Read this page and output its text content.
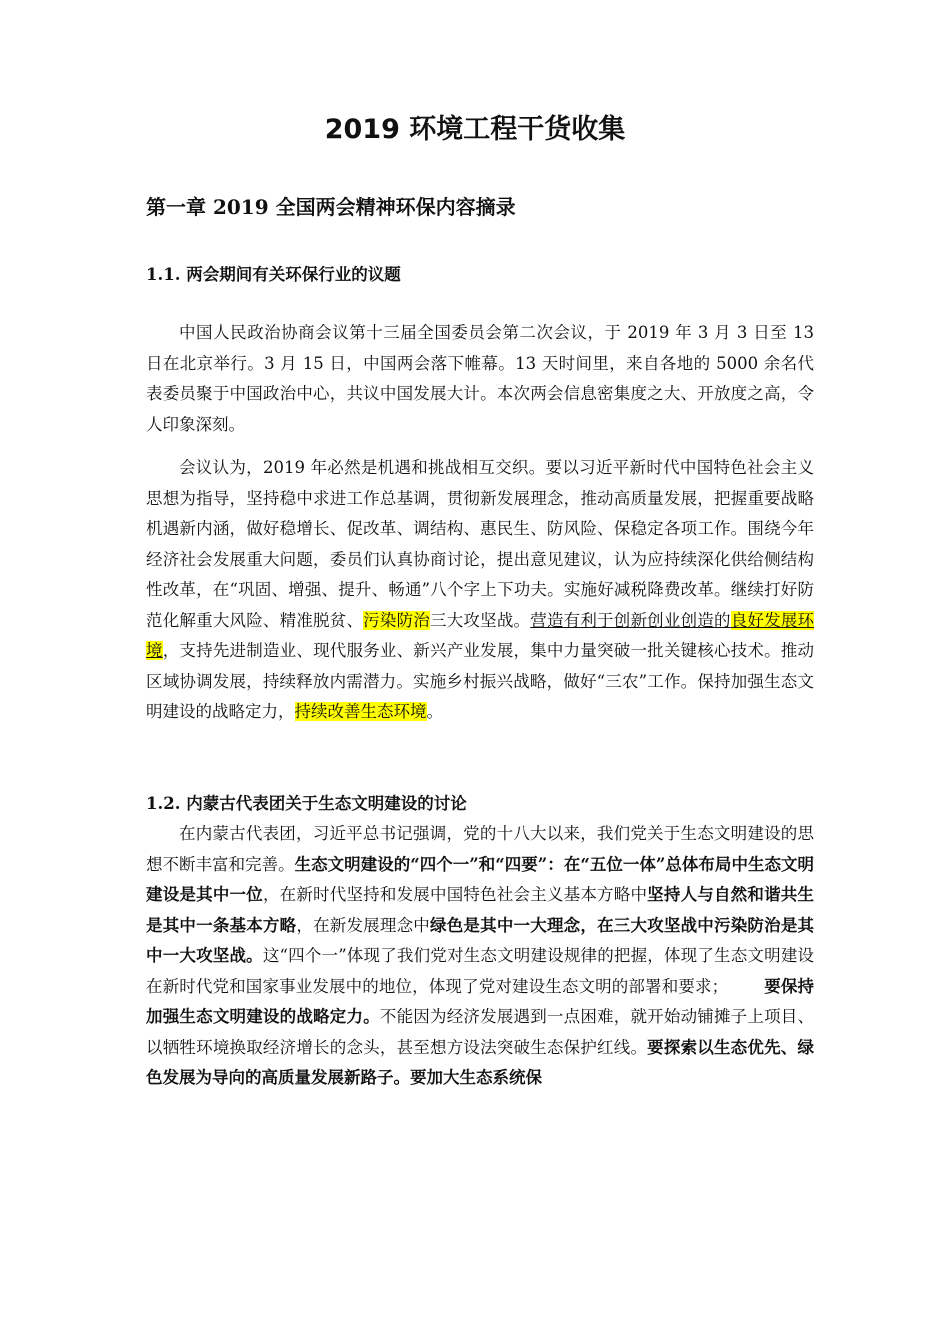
2019 环境工程干货收集
第一章 2019 全国两会精神环保内容摘录
1.1. 两会期间有关环保行业的议题

中国人民政治协商会议第十三届全国委员会第二次会议，于 2019 年 3 月 3 日至 13 日在北京举行。3 月 15 日，中国两会落下帷幕。13 天时间里，来自各地的 5000 余名代表委员聚于中国政治中心，共议中国发展大计。本次两会信息密集度之大、开放度之高，令人印象深刻。

会议认为，2019 年必然是机遇和挑战相互交织。要以习近平新时代中国特色社会主义思想为指导，坚持稳中求进工作总基调，贯彻新发展理念，推动高质量发展，把握重要战略机遇新内涵，做好稳增长、促改革、调结构、惠民生、防风险、保稳定各项工作。围绕今年经济社会发展重大问题，委员们认真协商讨论，提出意见建议，认为应持续深化供给侧结构性改革，在“巩固、增强、提升、畅通”八个字上下功夫。实施好减税降费改革。继续打好防范化解重大风险、精准脱贫、污染防治三大攻坚战。营造有利于创新创业创造的良好发展环境，支持先进制造业、现代服务业、新兴产业发展，集中力量突破一批关键核心技术。推动区域协调发展，持续释放内需潜力。实施乡村振兴战略，做好“三农”工作。保持加强生态文明建设的战略定力，持续改善生态环境。

1.2. 内蒙古代表团关于生态文明建设的讨论

在内蒙古代表团，习近平总书记强调，党的十八大以来，我们党关于生态文明建设的思想不断丰富和完善。生态文明建设的“四个一”和“四要”：在“五位一体”总体布局中生态文明建设是其中一位，在新时代坚持和发展中国特色社会主义基本方略中坚持人与自然和谐共生是其中一条基本方略，在新发展理念中绿色是其中一大理念，在三大攻坚战中污染防治是其中一大攻坚战。这“四个一”体现了我们党对生态文明建设规律的把握，体现了生态文明建设在新时代党和国家事业发展中的地位，体现了党对建设生态文明的部署和要求； 要保持加强生态文明建设的战略定力。不能因为经济发展遇到一点困难，就开始动铺摊子上项目、以牺牲环境换取经济增长的念头，甚至想方设法突破生态保护红线。要探索以生态优先、绿色发展为导向的高质量发展新路子。要加大生态系统保
